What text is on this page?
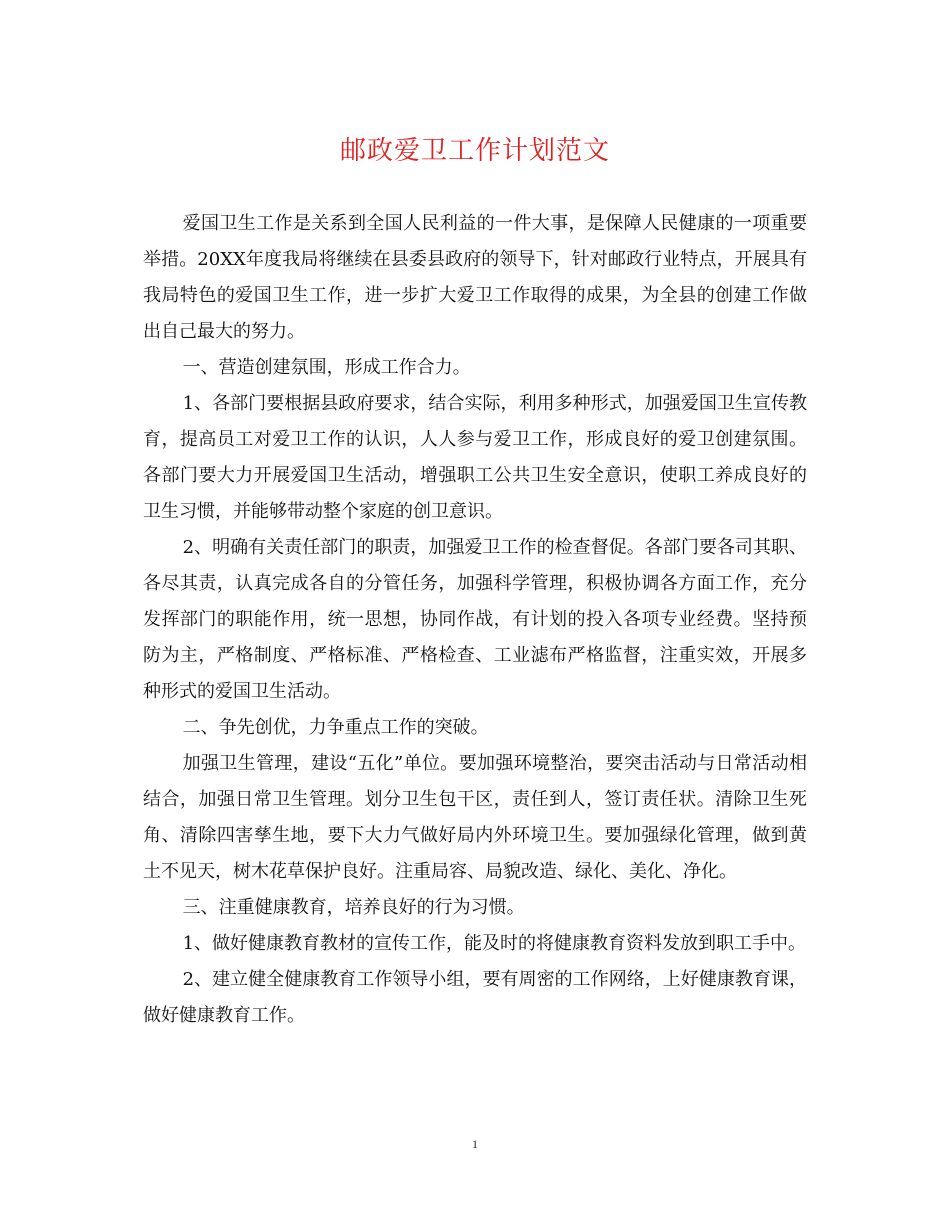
邮政爱卫工作计划范文

爱国卫生工作是关系到全国人民利益的一件大事，是保障人民健康的一项重要举措。20XX年度我局将继续在县委县政府的领导下，针对邮政行业特点，开展具有我局特色的爱国卫生工作，进一步扩大爱卫工作取得的成果，为全县的创建工作做出自己最大的努力。

一、营造创建氛围，形成工作合力。

1、各部门要根据县政府要求，结合实际，利用多种形式，加强爱国卫生宣传教育，提高员工对爱卫工作的认识，人人参与爱卫工作，形成良好的爱卫创建氛围。各部门要大力开展爱国卫生活动，增强职工公共卫生安全意识，使职工养成良好的卫生习惯，并能够带动整个家庭的创卫意识。

2、明确有关责任部门的职责，加强爱卫工作的检查督促。各部门要各司其职、各尽其责，认真完成各自的分管任务，加强科学管理，积极协调各方面工作，充分发挥部门的职能作用，统一思想，协同作战，有计划的投入各项专业经费。坚持预防为主，严格制度、严格标准、严格检查、工业滤布严格监督，注重实效，开展多种形式的爱国卫生活动。

二、争先创优，力争重点工作的突破。

加强卫生管理，建设“五化”单位。要加强环境整治，要突击活动与日常活动相结合，加强日常卫生管理。划分卫生包干区，责任到人，签订责任状。清除卫生死角、清除四害孳生地，要下大力气做好局内外环境卫生。要加强绿化管理，做到黄土不见天，树木花草保护良好。注重局容、局貌改造、绿化、美化、净化。

三、注重健康教育，培养良好的行为习惯。

1、做好健康教育教材的宣传工作，能及时的将健康教育资料发放到职工手中。

2、建立健全健康教育工作领导小组，要有周密的工作网络，上好健康教育课，做好健康教育工作。

1
